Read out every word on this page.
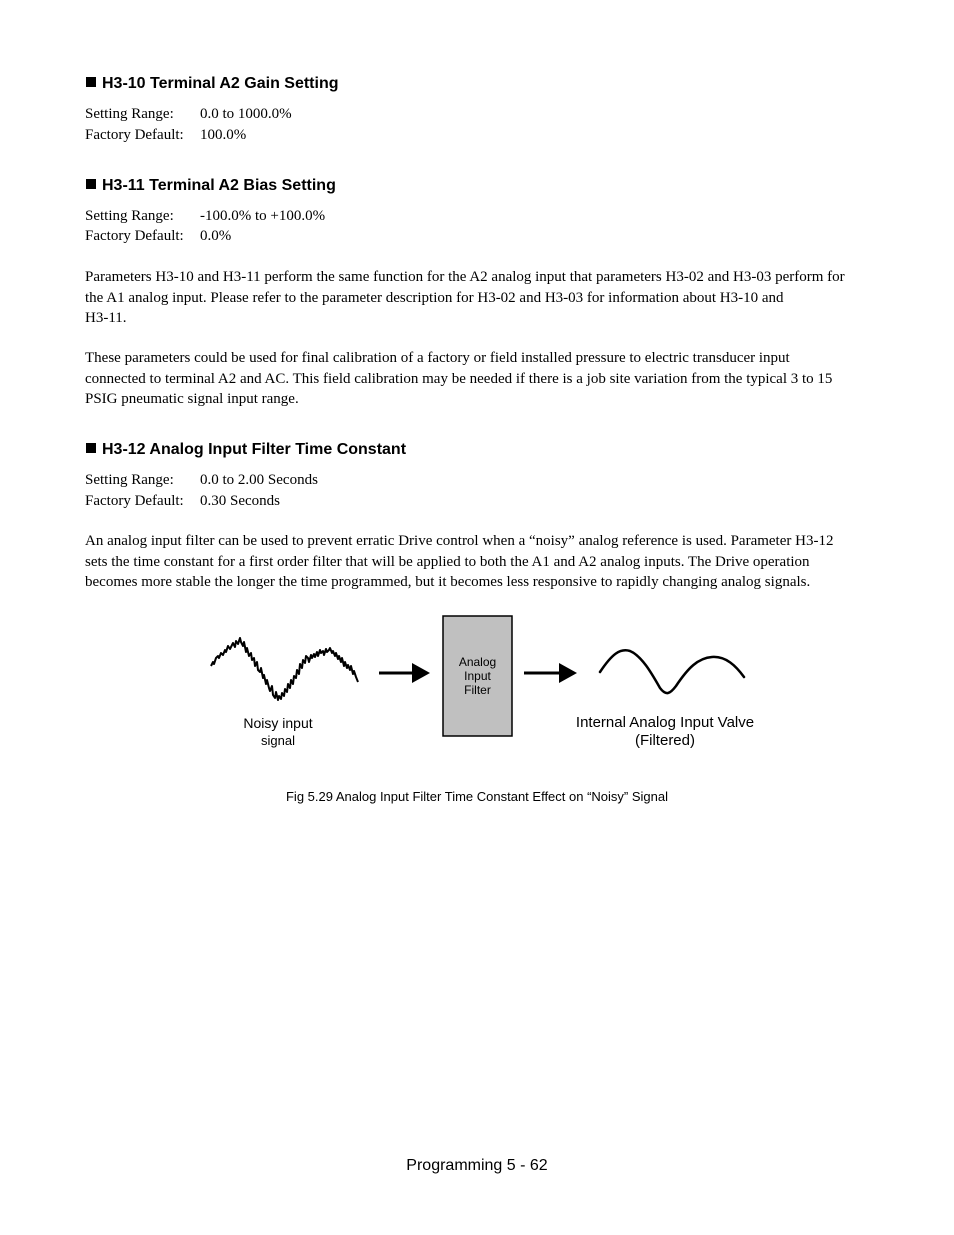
H3-10 Terminal A2 Gain Setting
Setting Range: 0.0 to 1000.0%
Factory Default: 100.0%
H3-11 Terminal A2 Bias Setting
Setting Range: -100.0% to +100.0%
Factory Default: 0.0%
Parameters H3-10 and H3-11 perform the same function for the A2 analog input that parameters H3-02 and H3-03 perform for
the A1 analog input. Please refer to the parameter description for H3-02 and H3-03 for information about H3-10 and
H3-11.
These parameters could be used for final calibration of a factory or field installed pressure to electric transducer input
connected to terminal A2 and AC. This field calibration may be needed if there is a job site variation from the typical 3 to 15
PSIG pneumatic signal input range.
H3-12 Analog Input Filter Time Constant
Setting Range: 0.0 to 2.00 Seconds
Factory Default: 0.30 Seconds
An analog input filter can be used to prevent erratic Drive control when a “noisy” analog reference is used. Parameter H3-12
sets the time constant for a first order filter that will be applied to both the A1 and A2 analog inputs. The Drive operation
becomes more stable the longer the time programmed, but it becomes less responsive to rapidly changing analog signals.
Analog
Input
Filter
Noisy input
signal
Internal Analog Input Valve
(Filtered)
Fig 5.29 Analog Input Filter Time Constant Effect on “Noisy” Signal
Programming 5 - 62
